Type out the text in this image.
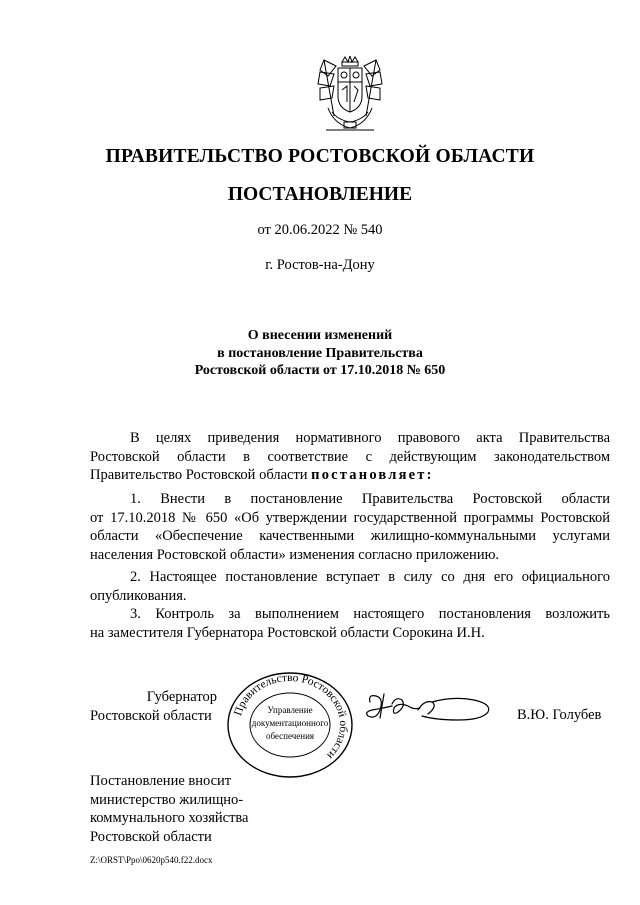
ПРАВИТЕЛЬСТВО РОСТОВСКОЙ ОБЛАСТИ
ПОСТАНОВЛЕНИЕ
от 20.06.2022 № 540
г. Ростов-на-Дону
О внесении изменений
в постановление Правительства
Ростовской области от 17.10.2018 № 650
В целях приведения нормативного правового акта Правительства
Ростовской области в соответствие с действующим законодательством
Правительство Ростовской области постановляет:
1. Внести в постановление Правительства Ростовской области
от 17.10.2018 № 650 «Об утверждении государственной программы Ростовской
области «Обеспечение качественными жилищно-коммунальными услугами
населения Ростовской области» изменения согласно приложению.
2. Настоящее постановление вступает в силу со дня его официального
опубликования.
3. Контроль за выполнением настоящего постановления возложить
на заместителя Губернатора Ростовской области Сорокина И.Н.
Губернатор
Ростовской области	Правительство Ростовской области
Управление
документационного
обеспечения
В.Ю. Голубев
Постановление вносит
министерство жилищно-
коммунального хозяйства
Ростовской области
Z:\ORST\Ppo\0620p540.f22.docx
